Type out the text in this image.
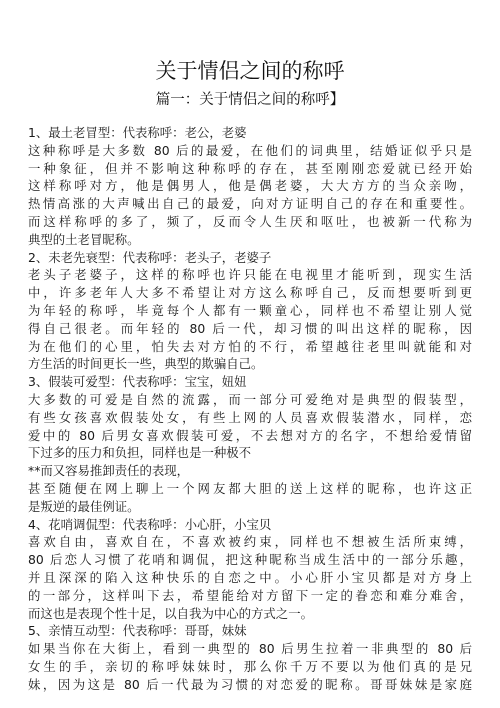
关于情侣之间的称呼
篇一：关于情侣之间的称呼】
1、最土老冒型：代表称呼：老公，老婆
这种称呼是大多数 80 后的最爱，在他们的词典里，结婚证似乎只是
一种象征，但并不影响这种称呼的存在，甚至刚刚恋爱就已经开始
这样称呼对方，他是偶男人，他是偶老婆，大大方方的当众亲吻，
热情高涨的大声喊出自己的最爱，向对方证明自己的存在和重要性。
而这样称呼的多了，频了，反而令人生厌和呕吐，也被新一代称为
典型的土老冒昵称。
2、未老先衰型：代表称呼：老头子，老婆子
老头子老婆子，这样的称呼也许只能在电视里才能听到，现实生活
中，许多老年人大多不希望让对方这么称呼自己，反而想要听到更
为年轻的称呼，毕竟每个人都有一颗童心，同样也不希望让别人觉
得自己很老。而年轻的 80 后一代，却习惯的叫出这样的昵称，因
为在他们的心里，怕失去对方怕的不行，希望越往老里叫就能和对
方生活的时间更长一些，典型的欺骗自己。
3、假装可爱型：代表称呼：宝宝，妞妞
大多数的可爱是自然的流露，而一部分可爱绝对是典型的假装型，
有些女孩喜欢假装处女，有些上网的人员喜欢假装潜水，同样，恋
爱中的 80 后男女喜欢假装可爱，不去想对方的名字，不想给爱情留
下过多的压力和负担，同样也是一种极不
**而又容易推卸责任的表现，
甚至随便在网上聊上一个网友都大胆的送上这样的昵称，也许这正
是叛逆的最佳例证。
4、花哨调侃型：代表称呼：小心肝，小宝贝
喜欢自由，喜欢自在，不喜欢被约束，同样也不想被生活所束缚，
80 后恋人习惯了花哨和调侃，把这种昵称当成生活中的一部分乐趣，
并且深深的陷入这种快乐的自恋之中。小心肝小宝贝都是对方身上
的一部分，这样叫下去，希望能给对方留下一定的眷恋和难分难舍，
而这也是表现个性十足，以自我为中心的方式之一。
5、亲情互动型：代表称呼：哥哥，妹妹
如果当你在大街上，看到一典型的 80 后男生拉着一非典型的 80 后
女生的手，亲切的称呼妹妹时，那么你千万不要以为他们真的是兄
妹，因为这是 80 后一代最为习惯的对恋爱的昵称。哥哥妹妹是家庭
